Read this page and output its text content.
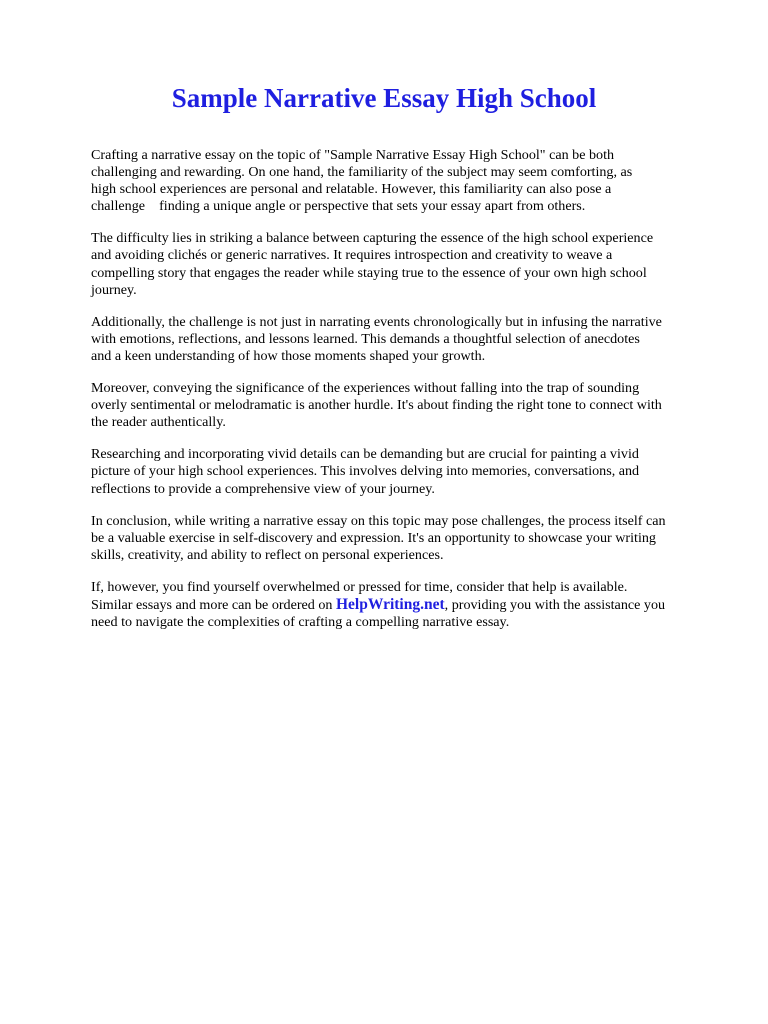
Sample Narrative Essay High School

Crafting a narrative essay on the topic of "Sample Narrative Essay High School" can be both
challenging and rewarding. On one hand, the familiarity of the subject may seem comforting, as
high school experiences are personal and relatable. However, this familiarity can also pose a
challenge    finding a unique angle or perspective that sets your essay apart from others.

The difficulty lies in striking a balance between capturing the essence of the high school experience
and avoiding clichés or generic narratives. It requires introspection and creativity to weave a
compelling story that engages the reader while staying true to the essence of your own high school
journey.

Additionally, the challenge is not just in narrating events chronologically but in infusing the narrative
with emotions, reflections, and lessons learned. This demands a thoughtful selection of anecdotes
and a keen understanding of how those moments shaped your growth.

Moreover, conveying the significance of the experiences without falling into the trap of sounding
overly sentimental or melodramatic is another hurdle. It's about finding the right tone to connect with
the reader authentically.

Researching and incorporating vivid details can be demanding but are crucial for painting a vivid
picture of your high school experiences. This involves delving into memories, conversations, and
reflections to provide a comprehensive view of your journey.

In conclusion, while writing a narrative essay on this topic may pose challenges, the process itself can
be a valuable exercise in self-discovery and expression. It's an opportunity to showcase your writing
skills, creativity, and ability to reflect on personal experiences.

If, however, you find yourself overwhelmed or pressed for time, consider that help is available.
Similar essays and more can be ordered on HelpWriting.net, providing you with the assistance you
need to navigate the complexities of crafting a compelling narrative essay.
